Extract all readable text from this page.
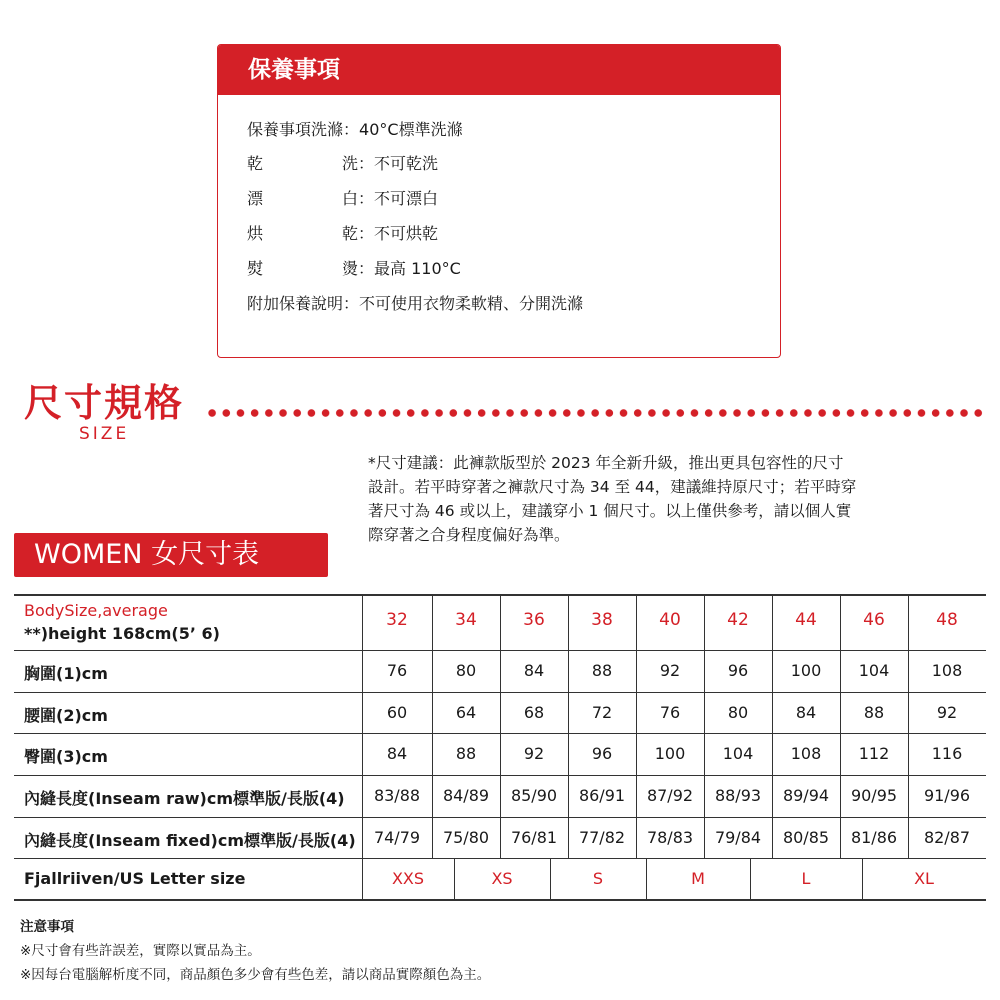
保養事項
保養事項洗滌：40°C標準洗滌
乾	洗：不可乾洗
漂	白：不可漂白
烘	乾：不可烘乾
熨	燙：最高 110°C
附加保養說明：不可使用衣物柔軟精、分開洗滌
尺寸規格
SIZE
*尺寸建議：此褲款版型於 2023 年全新升級，推出更具包容性的尺寸
設計。若平時穿著之褲款尺寸為 34 至 44，建議維持原尺寸；若平時穿
著尺寸為 46 或以上，建議穿小 1 個尺寸。以上僅供參考，請以個人實
際穿著之合身程度偏好為準。
WOMEN 女尺寸表
BodySize,average
**)height 168cm(5’ 6)
32	34	36	38	40	42	44	46	48
胸圍(1)cm	76	80	84	88	92	96	100	104	108
腰圍(2)cm	60	64	68	72	76	80	84	88	92
臀圍(3)cm	84	88	92	96	100	104	108	112	116
內縫長度(Inseam raw)cm標準版/長版(4)	83/88	84/89	85/90	86/91	87/92	88/93	89/94	90/95	91/96
內縫長度(Inseam fixed)cm標準版/長版(4)	74/79	75/80	76/81	77/82	78/83	79/84	80/85	81/86	82/87
Fjallriiven/US Letter size	XXS	XS	S	M	L	XL
注意事項
※尺寸會有些許誤差，實際以實品為主。
※因每台電腦解析度不同，商品顏色多少會有些色差，請以商品實際顏色為主。
